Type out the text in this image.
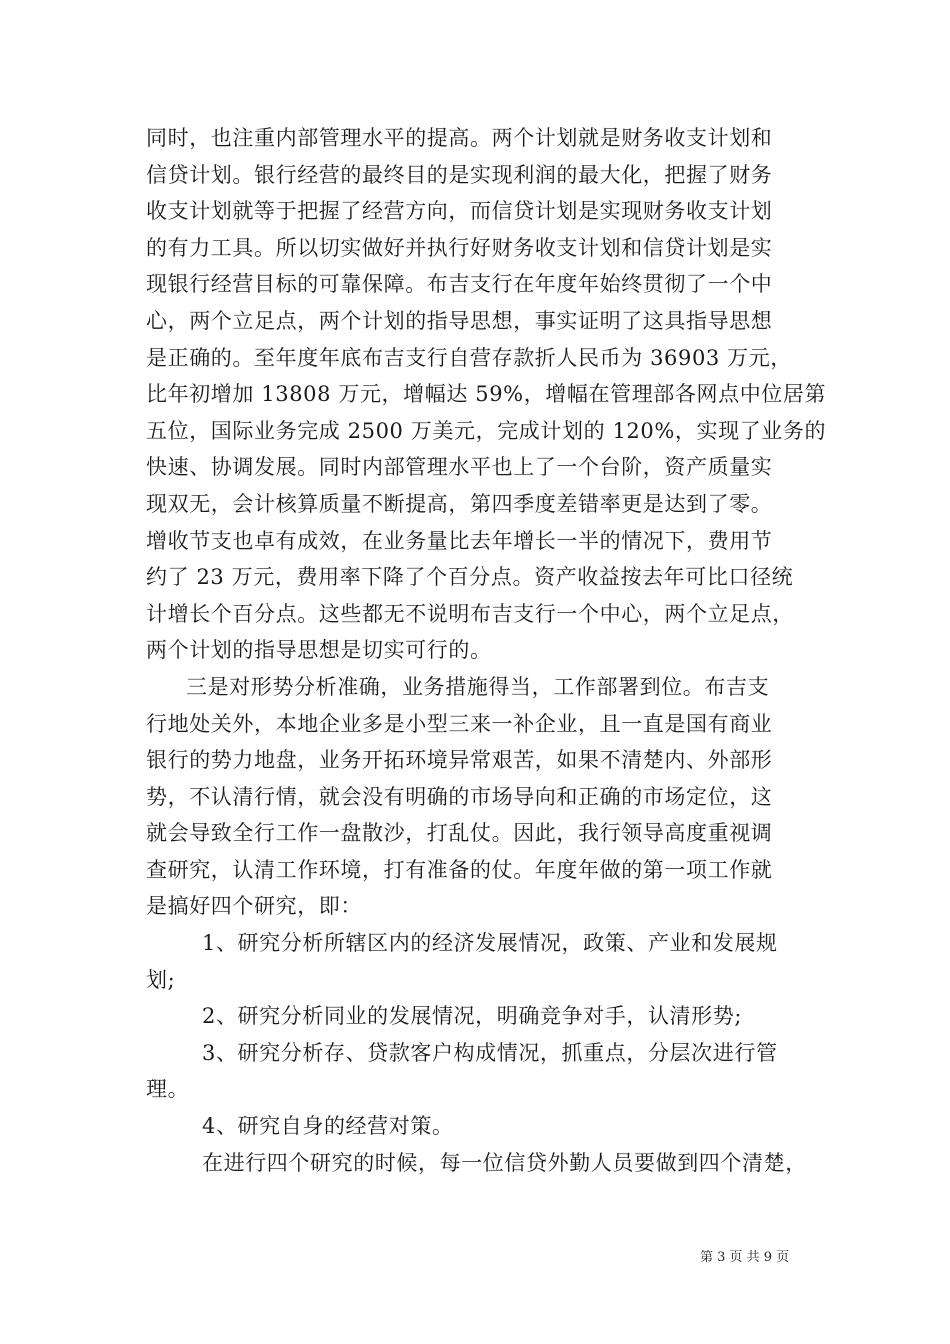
同时，也注重内部管理水平的提高。两个计划就是财务收支计划和
信贷计划。银行经营的最终目的是实现利润的最大化，把握了财务
收支计划就等于把握了经营方向，而信贷计划是实现财务收支计划
的有力工具。所以切实做好并执行好财务收支计划和信贷计划是实
现银行经营目标的可靠保障。布吉支行在年度年始终贯彻了一个中
心，两个立足点，两个计划的指导思想，事实证明了这具指导思想
是正确的。至年度年底布吉支行自营存款折人民币为 36903 万元，
比年初增加 13808 万元，增幅达 59%，增幅在管理部各网点中位居第
五位，国际业务完成 2500 万美元，完成计划的 120%，实现了业务的
快速、协调发展。同时内部管理水平也上了一个台阶，资产质量实
现双无，会计核算质量不断提高，第四季度差错率更是达到了零。
增收节支也卓有成效，在业务量比去年增长一半的情况下，费用节
约了 23 万元，费用率下降了个百分点。资产收益按去年可比口径统
计增长个百分点。这些都无不说明布吉支行一个中心，两个立足点，
两个计划的指导思想是切实可行的。
三是对形势分析准确，业务措施得当，工作部署到位。布吉支
行地处关外，本地企业多是小型三来一补企业，且一直是国有商业
银行的势力地盘，业务开拓环境异常艰苦，如果不清楚内、外部形
势，不认清行情，就会没有明确的市场导向和正确的市场定位，这
就会导致全行工作一盘散沙，打乱仗。因此，我行领导高度重视调
查研究，认清工作环境，打有准备的仗。年度年做的第一项工作就
是搞好四个研究，即：
1、研究分析所辖区内的经济发展情况，政策、产业和发展规
划;
2、研究分析同业的发展情况，明确竞争对手，认清形势;
3、研究分析存、贷款客户构成情况，抓重点，分层次进行管
理。
4、研究自身的经营对策。
在进行四个研究的时候，每一位信贷外勤人员要做到四个清楚，
第 3 页 共 9 页
